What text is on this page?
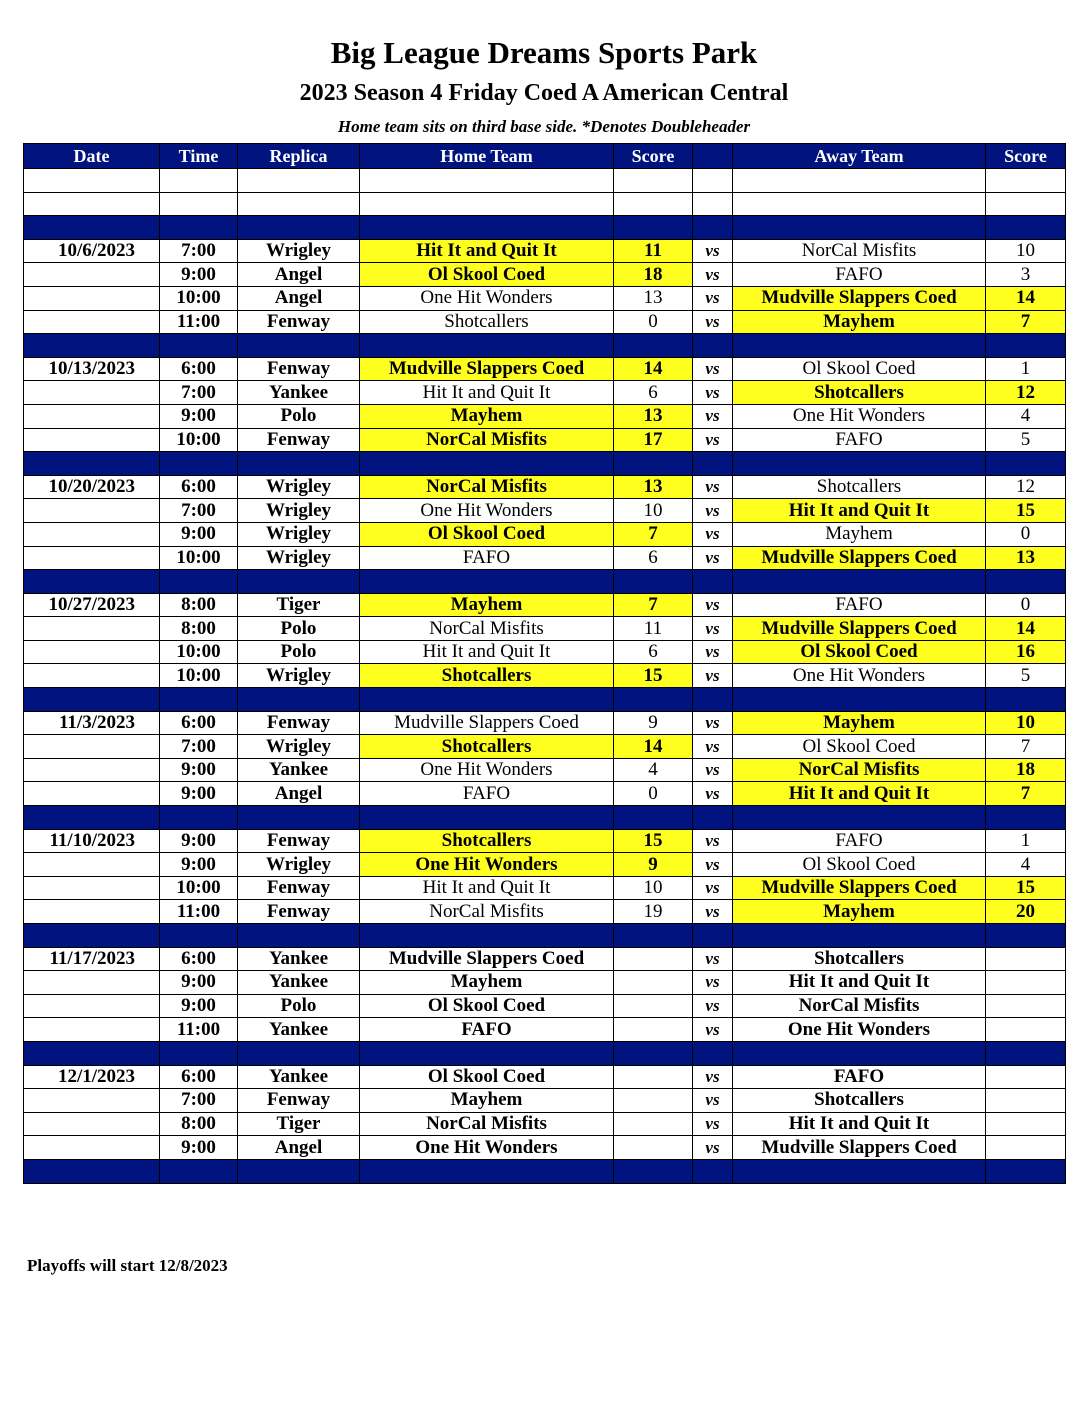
Big League Dreams Sports Park
2023 Season 4 Friday Coed A American Central
Home team sits on third base side. *Denotes Doubleheader
Date	Time	Replica	Home Team	Score		Away Team	Score

10/6/2023	7:00	Wrigley	Hit It and Quit It	11	vs	NorCal Misfits	10
	9:00	Angel	Ol Skool Coed	18	vs	FAFO	3
	10:00	Angel	One Hit Wonders	13	vs	Mudville Slappers Coed	14
	11:00	Fenway	Shotcallers	0	vs	Mayhem	7

10/13/2023	6:00	Fenway	Mudville Slappers Coed	14	vs	Ol Skool Coed	1
	7:00	Yankee	Hit It and Quit It	6	vs	Shotcallers	12
	9:00	Polo	Mayhem	13	vs	One Hit Wonders	4
	10:00	Fenway	NorCal Misfits	17	vs	FAFO	5

10/20/2023	6:00	Wrigley	NorCal Misfits	13	vs	Shotcallers	12
	7:00	Wrigley	One Hit Wonders	10	vs	Hit It and Quit It	15
	9:00	Wrigley	Ol Skool Coed	7	vs	Mayhem	0
	10:00	Wrigley	FAFO	6	vs	Mudville Slappers Coed	13

10/27/2023	8:00	Tiger	Mayhem	7	vs	FAFO	0
	8:00	Polo	NorCal Misfits	11	vs	Mudville Slappers Coed	14
	10:00	Polo	Hit It and Quit It	6	vs	Ol Skool Coed	16
	10:00	Wrigley	Shotcallers	15	vs	One Hit Wonders	5

11/3/2023	6:00	Fenway	Mudville Slappers Coed	9	vs	Mayhem	10
	7:00	Wrigley	Shotcallers	14	vs	Ol Skool Coed	7
	9:00	Yankee	One Hit Wonders	4	vs	NorCal Misfits	18
	9:00	Angel	FAFO	0	vs	Hit It and Quit It	7

11/10/2023	9:00	Fenway	Shotcallers	15	vs	FAFO	1
	9:00	Wrigley	One Hit Wonders	9	vs	Ol Skool Coed	4
	10:00	Fenway	Hit It and Quit It	10	vs	Mudville Slappers Coed	15
	11:00	Fenway	NorCal Misfits	19	vs	Mayhem	20

11/17/2023	6:00	Yankee	Mudville Slappers Coed		vs	Shotcallers	
	9:00	Yankee	Mayhem		vs	Hit It and Quit It	
	9:00	Polo	Ol Skool Coed		vs	NorCal Misfits	
	11:00	Yankee	FAFO		vs	One Hit Wonders	

12/1/2023	6:00	Yankee	Ol Skool Coed		vs	FAFO	
	7:00	Fenway	Mayhem		vs	Shotcallers	
	8:00	Tiger	NorCal Misfits		vs	Hit It and Quit It	
	9:00	Angel	One Hit Wonders		vs	Mudville Slappers Coed	

Playoffs will start 12/8/2023
